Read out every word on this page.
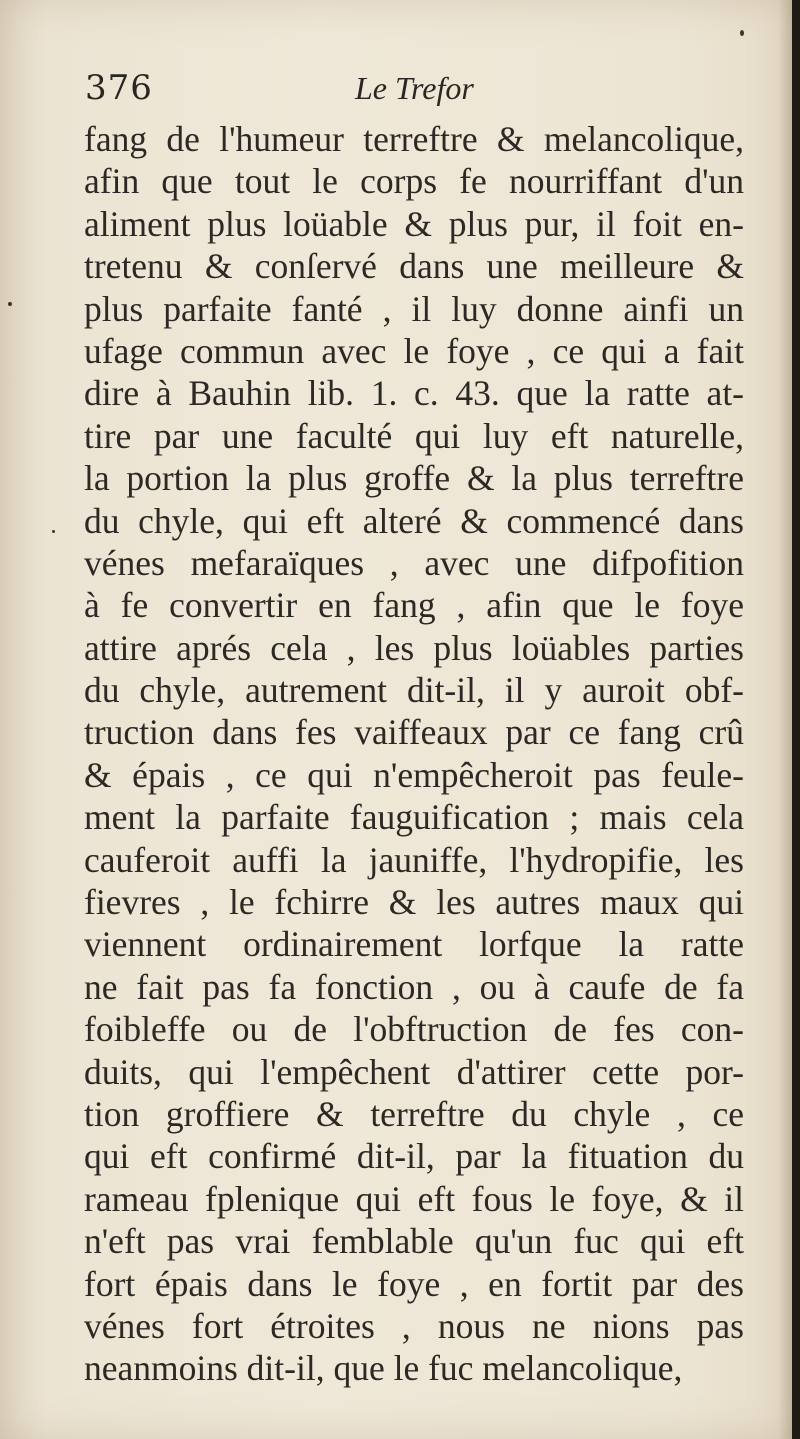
376	Le Trefor
fang de l'humeur terreftre & melancolique,
afin que tout le corps fe nourriffant d'un
aliment plus loüable & plus pur, il foit en-
tretenu & conſervé dans une meilleure &
plus parfaite fanté , il luy donne ainfi un
ufage commun avec le foye , ce qui a fait
dire à Bauhin lib. 1. c. 43. que la ratte at-
tire par une faculté qui luy eft naturelle,
la portion la plus groffe & la plus terreftre
du chyle, qui eft alteré & commencé dans
vénes mefaraïques , avec une difpofition
à fe convertir en fang , afin que le foye
attire aprés cela , les plus loüables parties
du chyle, autrement dit-il, il y auroit obf-
truction dans fes vaiffeaux par ce fang crû
& épais , ce qui n'empêcheroit pas feule-
ment la parfaite fauguification ; mais cela
cauferoit auffi la jauniffe, l'hydropifie, les
fievres , le fchirre & les autres maux qui
viennent ordinairement lorfque la ratte
ne fait pas fa fonction , ou à caufe de fa
foibleffe ou de l'obftruction de fes con-
duits, qui l'empêchent d'attirer cette por-
tion groffiere & terreftre du chyle , ce
qui eft confirmé dit-il, par la fituation du
rameau fplenique qui eft fous le foye, & il
n'eft pas vrai femblable qu'un fuc qui eft
fort épais dans le foye , en fortit par des
vénes fort étroites , nous ne nions pas
neanmoins dit-il, que le fuc melancolique,
